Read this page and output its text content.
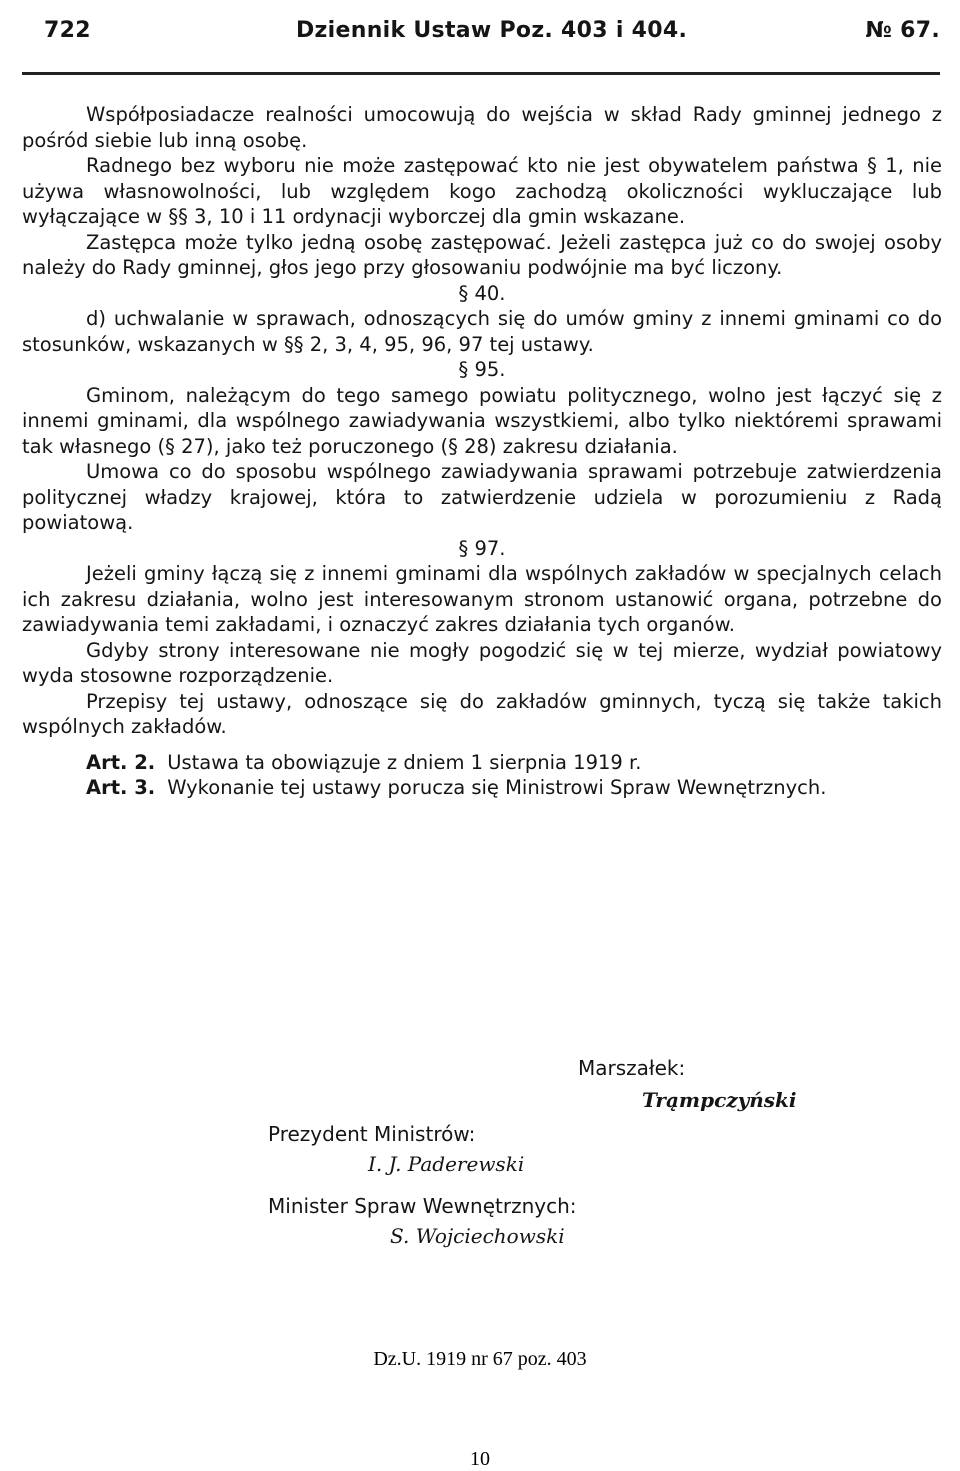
722	Dziennik Ustaw Poz. 403 i 404.	№ 67.

Współposiadacze realności umocowują do wejścia w skład Rady gminnej jednego z pośród siebie lub inną osobę.

Radnego bez wyboru nie może zastępować kto nie jest obywatelem państwa § 1, nie używa własnowolności, lub względem kogo zachodzą okoliczności wykluczające lub wyłączające w §§ 3, 10 i 11 ordynacji wyborczej dla gmin wskazane.

Zastępca może tylko jedną osobę zastępować. Jeżeli zastępca już co do swojej osoby należy do Rady gminnej, głos jego przy głosowaniu podwójnie ma być liczony.

§ 40.

d) uchwalanie w sprawach, odnoszących się do umów gminy z innemi gminami co do stosunków, wskazanych w §§ 2, 3, 4, 95, 96, 97 tej ustawy.

§ 95.

Gminom, należącym do tego samego powiatu politycznego, wolno jest łączyć się z innemi gminami, dla wspólnego zawiadywania wszystkiemi, albo tylko niektóremi sprawami tak własnego (§ 27), jako też poruczonego (§ 28) zakresu działania.

Umowa co do sposobu wspólnego zawiadywania sprawami potrzebuje zatwierdzenia politycznej władzy krajowej, która to zatwierdzenie udziela w porozumieniu z Radą powiatową.

§ 97.

Jeżeli gminy łączą się z innemi gminami dla wspólnych zakładów w specjalnych celach ich zakresu działania, wolno jest interesowanym stronom ustanowić organa, potrzebne do zawiadywania temi zakładami, i oznaczyć zakres działania tych organów.

Gdyby strony interesowane nie mogły pogodzić się w tej mierze, wydział powiatowy wyda stosowne rozporządzenie.

Przepisy tej ustawy, odnoszące się do zakładów gminnych, tyczą się także takich wspólnych zakładów.

Art. 2. Ustawa ta obowiązuje z dniem 1 sierpnia 1919 r.

Art. 3. Wykonanie tej ustawy porucza się Ministrowi Spraw Wewnętrznych.

Marszałek:
Trąmpczyński
Prezydent Ministrów:
I. J. Paderewski
Minister Spraw Wewnętrznych:
S. Wojciechowski
Dz.U. 1919 nr 67 poz. 403
10
